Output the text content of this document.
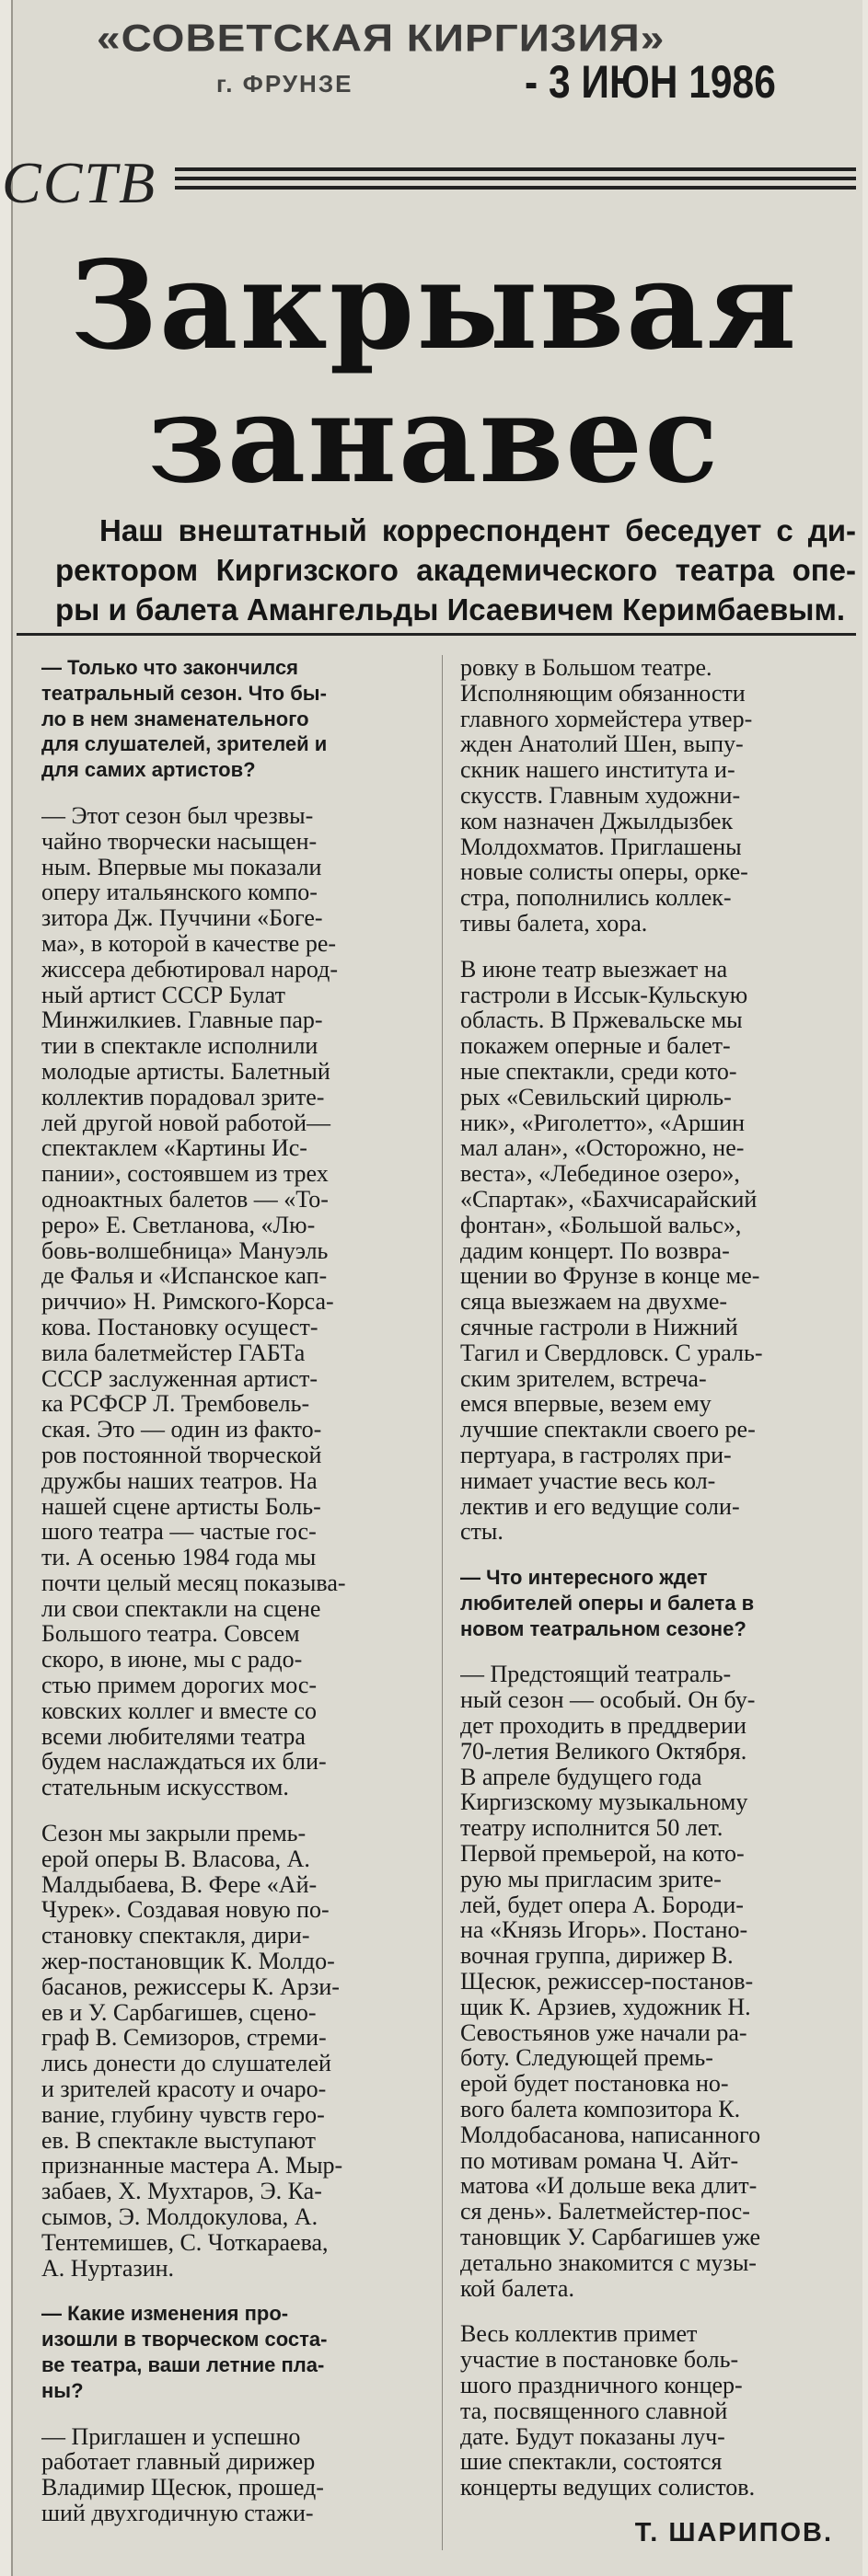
«СОВЕТСКАЯ КИРГИЗИЯ»
г. ФРУНЗЕ	- 3 ИЮН 1986
ССТВ
Закрывая
занавес
Наш внештатный корреспондент беседует с ди-
ректором Киргизского академического театра опе-
ры и балета Амангельды Исаевичем Керимбаевым.
— Только что закончился
театральный сезон. Что бы-
ло в нем знаменательного
для слушателей, зрителей и
для самих артистов?
— Этот сезон был чрезвы-
чайно творчески насыщен-
ным. Впервые мы показали
оперу итальянского компо-
зитора Дж. Пуччини «Боге-
ма», в которой в качестве ре-
жиссера дебютировал народ-
ный артист СССР Булат
Минжилкиев. Главные пар-
тии в спектакле исполнили
молодые артисты. Балетный
коллектив порадовал зрите-
лей другой новой работой—
спектаклем «Картины Ис-
пании», состоявшем из трех
одноактных балетов — «То-
реро» Е. Светланова, «Лю-
бовь-волшебница» Мануэль
де Фалья и «Испанское кап-
риччио» Н. Римского-Корса-
кова. Постановку осущест-
вила балетмейстер ГАБТа
СССР заслуженная артист-
ка РСФСР Л. Трембовель-
ская. Это — один из факто-
ров постоянной творческой
дружбы наших театров. На
нашей сцене артисты Боль-
шого театра — частые гос-
ти. А осенью 1984 года мы
почти целый месяц показыва-
ли свои спектакли на сцене
Большого театра. Совсем
скоро, в июне, мы с радо-
стью примем дорогих мос-
ковских коллег и вместе со
всеми любителями театра
будем наслаждаться их бли-
стательным искусством.
Сезон мы закрыли премь-
ерой оперы В. Власова, А.
Малдыбаева, В. Фере «Ай-
Чурек». Создавая новую по-
становку спектакля, дири-
жер-постановщик К. Молдо-
басанов, режиссеры К. Арзи-
ев и У. Сарбагишев, сцено-
граф В. Семизоров, стреми-
лись донести до слушателей
и зрителей красоту и очаро-
вание, глубину чувств геро-
ев. В спектакле выступают
признанные мастера А. Мыр-
забаев, Х. Мухтаров, Э. Ка-
сымов, Э. Молдокулова, А.
Тентемишев, С. Чоткараева,
А. Нуртазин.
— Какие изменения про-
изошли в творческом соста-
ве театра, ваши летние пла-
ны?
— Приглашен и успешно
работает главный дирижер
Владимир Щесюк, прошед-
ший двухгодичную стажи-
ровку в Большом театре.
Исполняющим обязанности
главного хормейстера утвер-
жден Анатолий Шен, выпу-
скник нашего института и-
скусств. Главным художни-
ком назначен Джылдызбек
Молдохматов. Приглашены
новые солисты оперы, орке-
стра, пополнились коллек-
тивы балета, хора.
В июне театр выезжает на
гастроли в Иссык-Кульскую
область. В Пржевальске мы
покажем оперные и балет-
ные спектакли, среди кото-
рых «Севильский цирюль-
ник», «Риголетто», «Аршин
мал алан», «Осторожно, не-
веста», «Лебединое озеро»,
«Спартак», «Бахчисарайский
фонтан», «Большой вальс»,
дадим концерт. По возвра-
щении во Фрунзе в конце ме-
сяца выезжаем на двухме-
сячные гастроли в Нижний
Тагил и Свердловск. С ураль-
ским зрителем, встреча-
емся впервые, везем ему
лучшие спектакли своего ре-
пертуара, в гастролях при-
нимает участие весь кол-
лектив и его ведущие соли-
сты.
— Что интересного ждет
любителей оперы и балета в
новом театральном сезоне?
— Предстоящий театраль-
ный сезон — особый. Он бу-
дет проходить в преддверии
70-летия Великого Октября.
В апреле будущего года
Киргизскому музыкальному
театру исполнится 50 лет.
Первой премьерой, на кото-
рую мы пригласим зрите-
лей, будет опера А. Бороди-
на «Князь Игорь». Постано-
вочная группа, дирижер В.
Щесюк, режиссер-постанов-
щик К. Арзиев, художник Н.
Севостьянов уже начали ра-
боту. Следующей премь-
ерой будет постановка но-
вого балета композитора К.
Молдобасанова, написанного
по мотивам романа Ч. Айт-
матова «И дольше века длит-
ся день». Балетмейстер-пос-
тановщик У. Сарбагишев уже
детально знакомится с музы-
кой балета.
Весь коллектив примет
участие в постановке боль-
шого праздничного концер-
та, посвященного славной
дате. Будут показаны луч-
шие спектакли, состоятся
концерты ведущих солистов.
Т. ШАРИПОВ.
